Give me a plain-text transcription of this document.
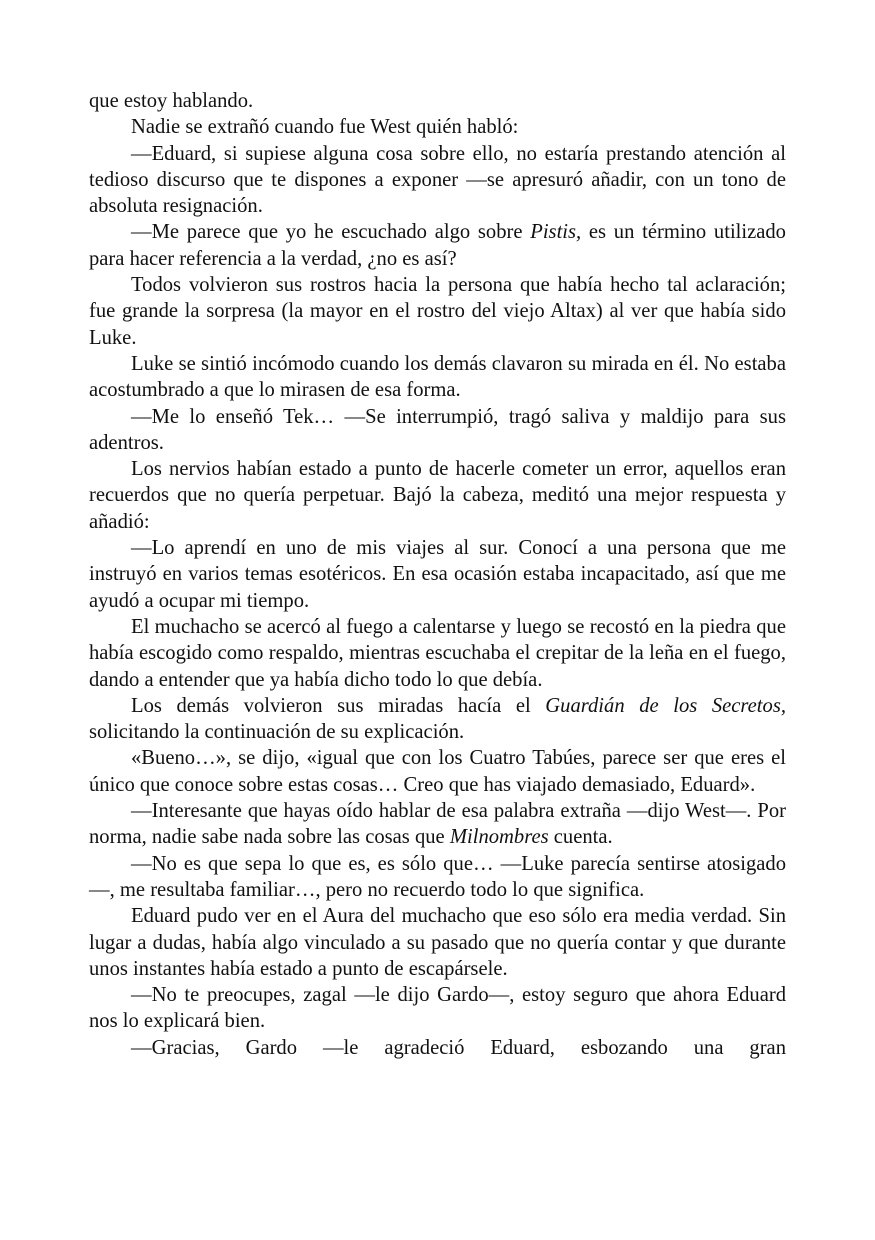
que estoy hablando.

Nadie se extrañó cuando fue West quién habló:

—Eduard, si supiese alguna cosa sobre ello, no estaría prestando atención al tedioso discurso que te dispones a exponer —se apresuró añadir, con un tono de absoluta resignación.

—Me parece que yo he escuchado algo sobre Pistis, es un término utilizado para hacer referencia a la verdad, ¿no es así?

Todos volvieron sus rostros hacia la persona que había hecho tal aclaración; fue grande la sorpresa (la mayor en el rostro del viejo Altax) al ver que había sido Luke.

Luke se sintió incómodo cuando los demás clavaron su mirada en él. No estaba acostumbrado a que lo mirasen de esa forma.

—Me lo enseñó Tek… —Se interrumpió, tragó saliva y maldijo para sus adentros.

Los nervios habían estado a punto de hacerle cometer un error, aquellos eran recuerdos que no quería perpetuar. Bajó la cabeza, meditó una mejor respuesta y añadió:

—Lo aprendí en uno de mis viajes al sur. Conocí a una persona que me instruyó en varios temas esotéricos. En esa ocasión estaba incapacitado, así que me ayudó a ocupar mi tiempo.

El muchacho se acercó al fuego a calentarse y luego se recostó en la piedra que había escogido como respaldo, mientras escuchaba el crepitar de la leña en el fuego, dando a entender que ya había dicho todo lo que debía.

Los demás volvieron sus miradas hacía el Guardián de los Secretos, solicitando la continuación de su explicación.

«Bueno…», se dijo, «igual que con los Cuatro Tabúes, parece ser que eres el único que conoce sobre estas cosas… Creo que has viajado demasiado, Eduard».

—Interesante que hayas oído hablar de esa palabra extraña —dijo West—. Por norma, nadie sabe nada sobre las cosas que Milnombres cuenta.

—No es que sepa lo que es, es sólo que… —Luke parecía sentirse atosigado—, me resultaba familiar…, pero no recuerdo todo lo que significa.

Eduard pudo ver en el Aura del muchacho que eso sólo era media verdad. Sin lugar a dudas, había algo vinculado a su pasado que no quería contar y que durante unos instantes había estado a punto de escapársele.

—No te preocupes, zagal —le dijo Gardo—, estoy seguro que ahora Eduard nos lo explicará bien.

—Gracias, Gardo —le agradeció Eduard, esbozando una gran
